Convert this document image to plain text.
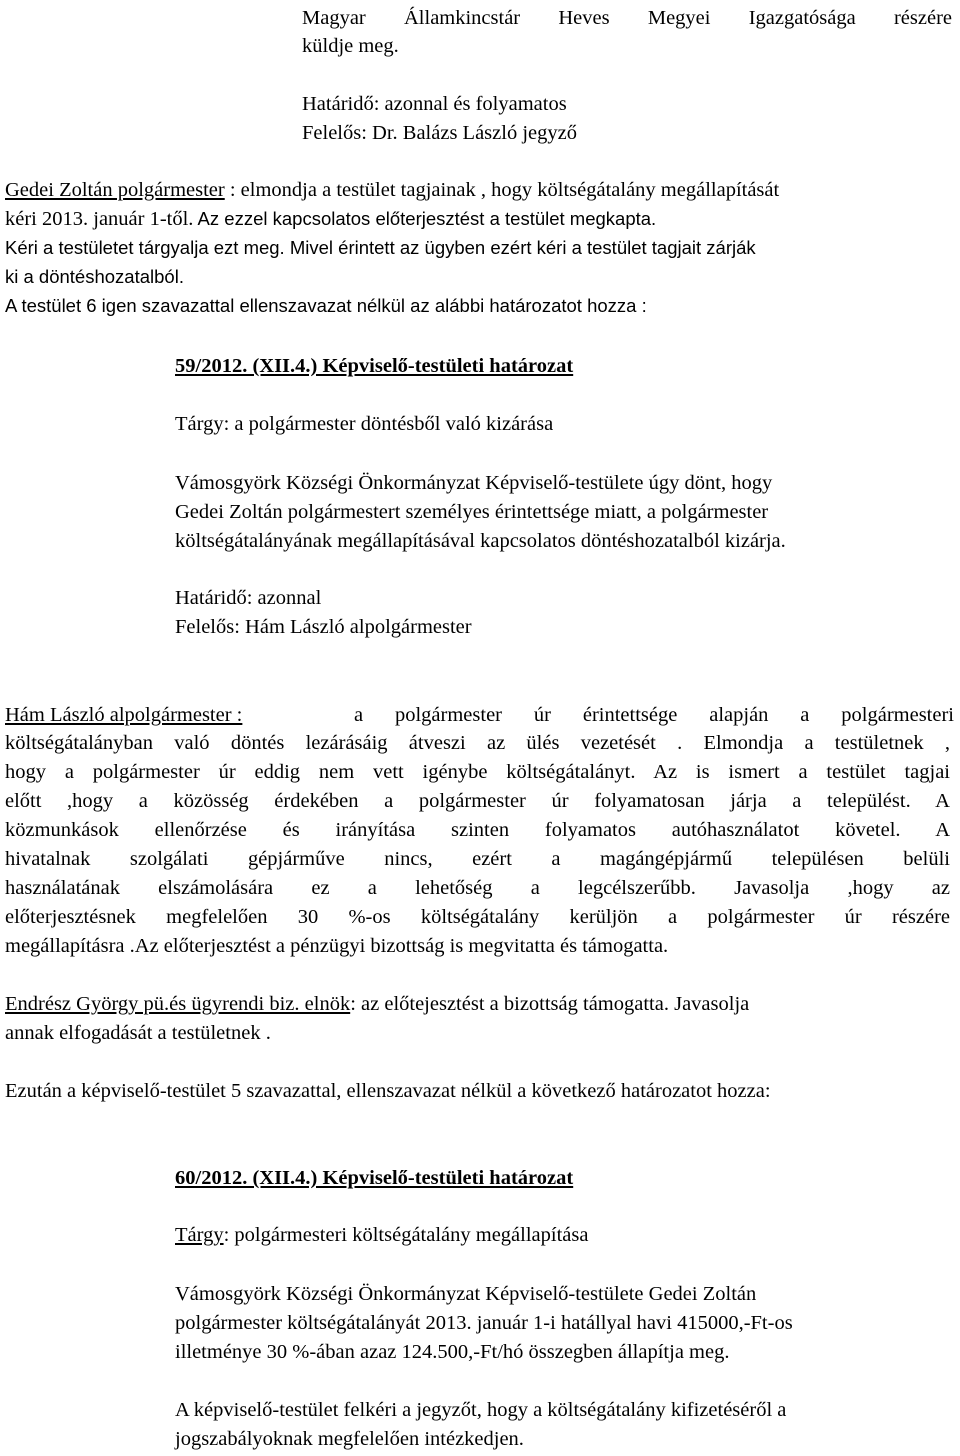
Magyar Államkincstár Heves Megyei Igazgatósága részére
küldje meg.
Határidő: azonnal és folyamatos
Felelős: Dr. Balázs László jegyző
Gedei Zoltán polgármester : elmondja a testület tagjainak , hogy költségátalány megállapítását
kéri 2013. január 1-től. Az ezzel kapcsolatos előterjesztést a testület megkapta.
Kéri a testületet tárgyalja ezt meg. Mivel érintett az ügyben ezért kéri a testület tagjait zárják
ki a döntéshozatalból.
A testület 6 igen szavazattal ellenszavazat nélkül az alábbi határozatot hozza :
59/2012. (XII.4.) Képviselő-testületi határozat
Tárgy: a polgármester döntésből való kizárása
Vámosgyörk Községi Önkormányzat Képviselő-testülete úgy dönt, hogy
Gedei Zoltán polgármestert személyes érintettsége miatt, a polgármester
költségátalányának megállapításával kapcsolatos döntéshozatalból kizárja.
Határidő: azonnal
Felelős: Hám László alpolgármester
Hám László alpolgármester :	a polgármester úr érintettsége alapján a polgármesteri
költségátalányban való döntés lezárásáig átveszi az ülés vezetését . Elmondja a testületnek ,
hogy a polgármester úr eddig nem vett igénybe költségátalányt. Az is ismert a testület tagjai
előtt ,hogy a közösség érdekében a polgármester úr folyamatosan járja a települést. A
közmunkások ellenőrzése és irányítása szinten folyamatos autóhasználatot követel. A
hivatalnak szolgálati gépjárműve nincs, ezért a magángépjármű településen belüli
használatának elszámolására ez a lehetőség a legcélszerűbb. Javasolja ,hogy az
előterjesztésnek megfelelően 30 %-os költségátalány kerüljön a polgármester úr részére
megállapításra .Az előterjesztést a pénzügyi bizottság is megvitatta és támogatta.
Endrész György pü.és ügyrendi biz. elnök: az előtejesztést a bizottság támogatta. Javasolja
annak elfogadását a testületnek .
Ezután a képviselő-testület 5 szavazattal, ellenszavazat nélkül a következő határozatot hozza:
60/2012. (XII.4.) Képviselő-testületi határozat
Tárgy: polgármesteri költségátalány megállapítása
Vámosgyörk Községi Önkormányzat Képviselő-testülete Gedei Zoltán
polgármester költségátalányát 2013. január 1-i hatállyal havi 415000,-Ft-os
illetménye 30 %-ában azaz 124.500,-Ft/hó összegben állapítja meg.
A képviselő-testület felkéri a jegyzőt, hogy a költségátalány kifizetéséről a
jogszabályoknak megfelelően intézkedjen.
